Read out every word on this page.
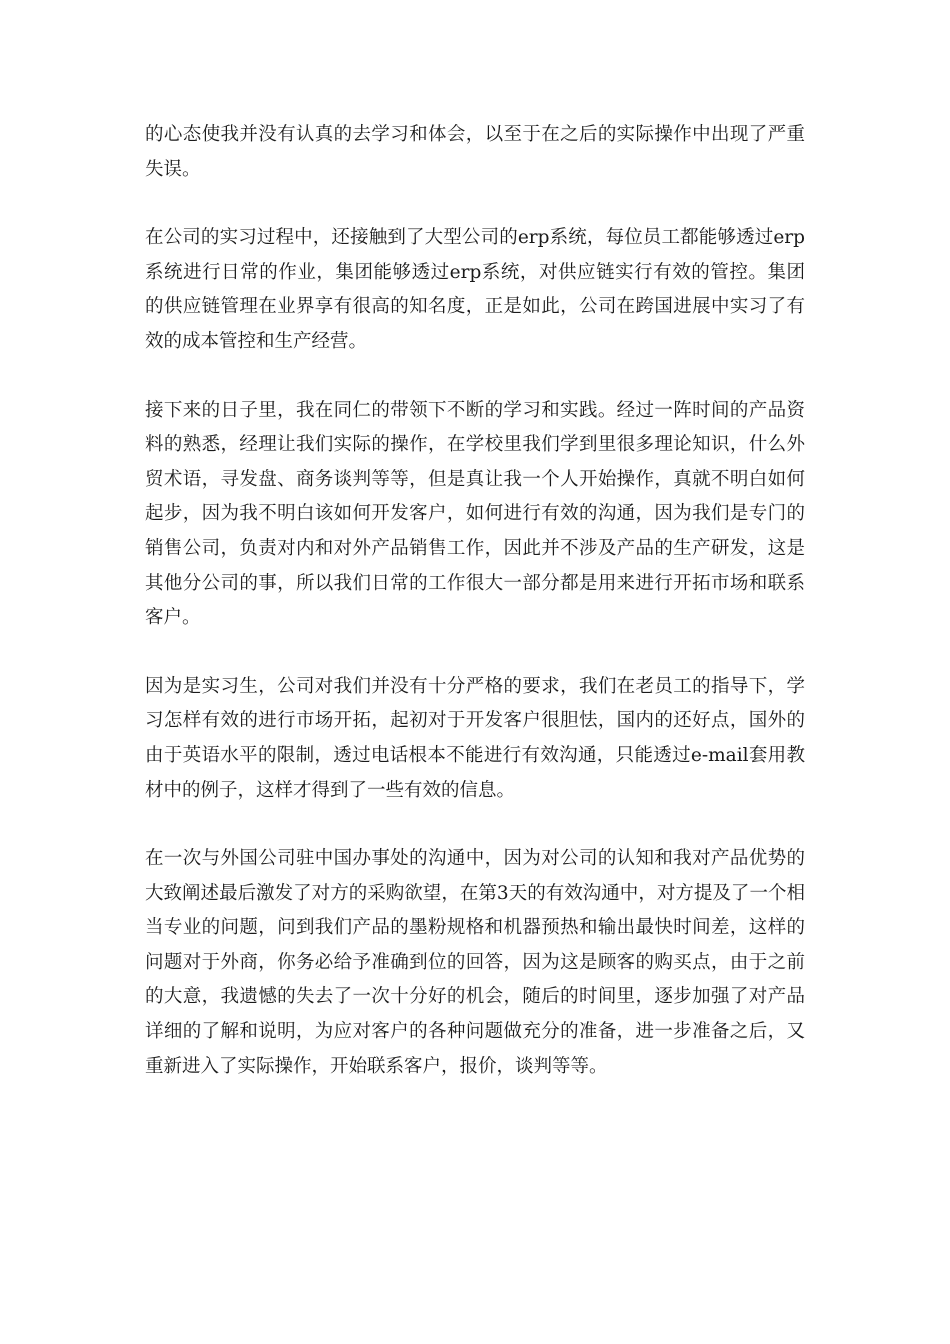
的心态使我并没有认真的去学习和体会，以至于在之后的实际操作中出现了严重失误。

在公司的实习过程中，还接触到了大型公司的erp系统，每位员工都能够透过erp系统进行日常的作业，集团能够透过erp系统，对供应链实行有效的管控。集团的供应链管理在业界享有很高的知名度，正是如此，公司在跨国进展中实习了有效的成本管控和生产经营。

接下来的日子里，我在同仁的带领下不断的学习和实践。经过一阵时间的产品资料的熟悉，经理让我们实际的操作，在学校里我们学到里很多理论知识，什么外贸术语，寻发盘、商务谈判等等，但是真让我一个人开始操作，真就不明白如何起步，因为我不明白该如何开发客户，如何进行有效的沟通，因为我们是专门的销售公司，负责对内和对外产品销售工作，因此并不涉及产品的生产研发，这是其他分公司的事，所以我们日常的工作很大一部分都是用来进行开拓市场和联系客户。

因为是实习生，公司对我们并没有十分严格的要求，我们在老员工的指导下，学习怎样有效的进行市场开拓，起初对于开发客户很胆怯，国内的还好点，国外的由于英语水平的限制，透过电话根本不能进行有效沟通，只能透过e-mail套用教材中的例子，这样才得到了一些有效的信息。

在一次与外国公司驻中国办事处的沟通中，因为对公司的认知和我对产品优势的大致阐述最后激发了对方的采购欲望，在第3天的有效沟通中，对方提及了一个相当专业的问题，问到我们产品的墨粉规格和机器预热和输出最快时间差，这样的问题对于外商，你务必给予准确到位的回答，因为这是顾客的购买点，由于之前的大意，我遗憾的失去了一次十分好的机会，随后的时间里，逐步加强了对产品详细的了解和说明，为应对客户的各种问题做充分的准备，进一步准备之后，又重新进入了实际操作，开始联系客户，报价，谈判等等。
